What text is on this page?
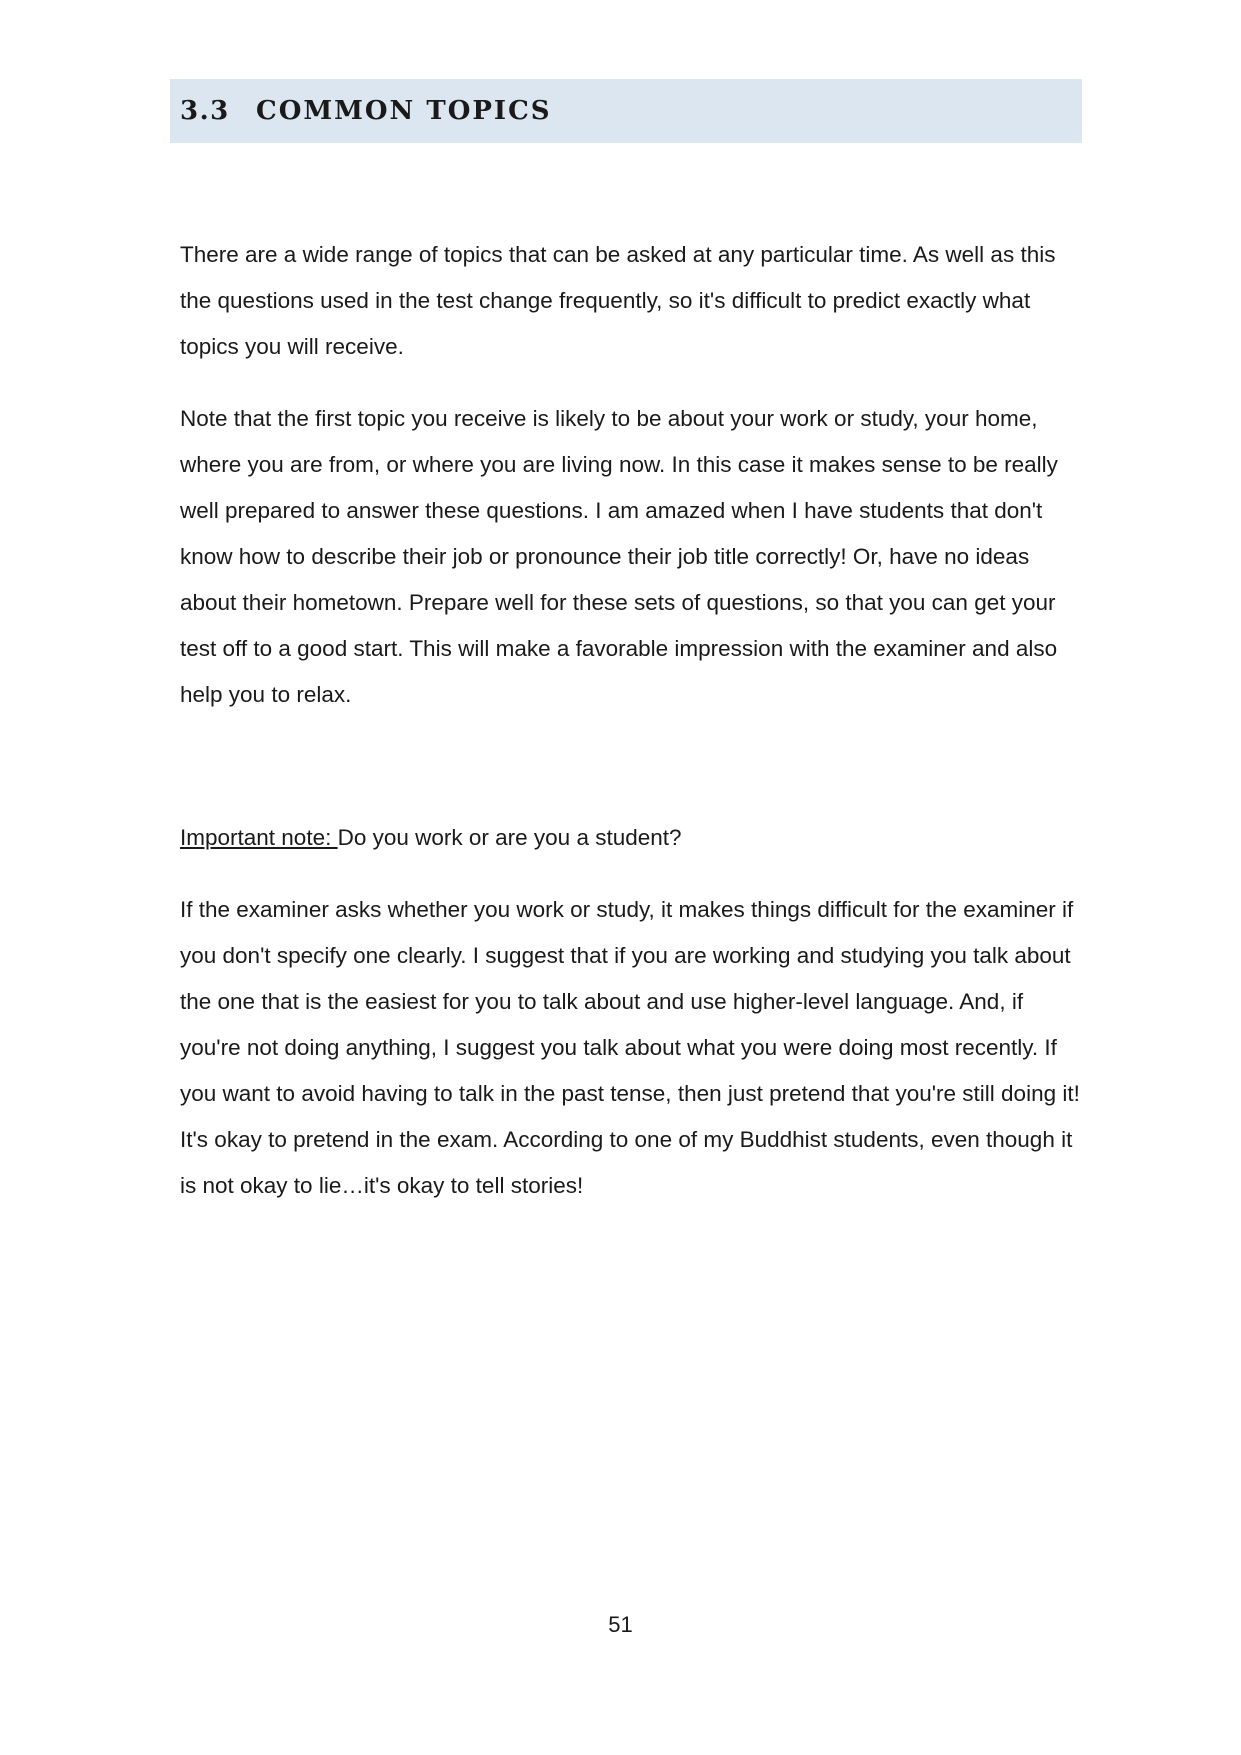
3.3	COMMON TOPICS

There are a wide range of topics that can be asked at any particular time. As well as this the questions used in the test change frequently, so it's difficult to predict exactly what topics you will receive.

Note that the first topic you receive is likely to be about your work or study, your home, where you are from, or where you are living now. In this case it makes sense to be really well prepared to answer these questions. I am amazed when I have students that don't know how to describe their job or pronounce their job title correctly! Or, have no ideas about their hometown. Prepare well for these sets of questions, so that you can get your test off to a good start. This will make a favorable impression with the examiner and also help you to relax.

Important note: Do you work or are you a student?

If the examiner asks whether you work or study, it makes things difficult for the examiner if you don't specify one clearly. I suggest that if you are working and studying you talk about the one that is the easiest for you to talk about and use higher-level language. And, if you're not doing anything, I suggest you talk about what you were doing most recently. If you want to avoid having to talk in the past tense, then just pretend that you're still doing it! It's okay to pretend in the exam. According to one of my Buddhist students, even though it is not okay to lie…it's okay to tell stories!

51
